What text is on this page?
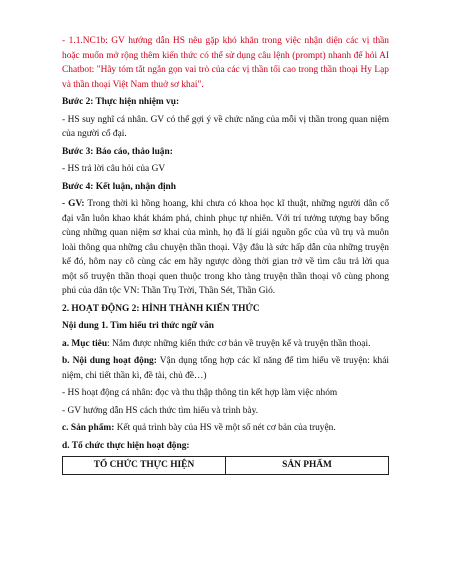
- 1.1.NC1b: GV hướng dẫn HS nêu gặp khó khăn trong việc nhận diện các vị thần hoặc muốn mở rộng thêm kiến thức có thể sử dụng câu lệnh (prompt) nhanh để hỏi AI Chatbot: "Hãy tóm tắt ngắn gọn vai trò của các vị thần tối cao trong thần thoại Hy Lạp và thần thoại Việt Nam thuở sơ khai".

Bước 2: Thực hiện nhiệm vụ:

- HS suy nghĩ cá nhân. GV có thể gợi ý về chức năng của mỗi vị thần trong quan niệm của người cổ đại.

Bước 3: Báo cáo, thảo luận:

- HS trả lời câu hỏi của GV

Bước 4: Kết luận, nhận định

- GV: Trong thời kì hồng hoang, khi chưa có khoa học kĩ thuật, những người dân cổ đại vẫn luôn khao khát khám phá, chinh phục tự nhiên. Với trí tưởng tượng bay bổng cùng những quan niệm sơ khai của mình, họ đã lí giải nguồn gốc của vũ trụ và muôn loài thông qua những câu chuyện thần thoại. Vậy đâu là sức hấp dẫn của những truyện kể đó, hôm nay cô cùng các em hãy ngược dòng thời gian trở về tìm câu trả lời qua một số truyện thần thoại quen thuộc trong kho tàng truyện thần thoại vô cùng phong phú của dân tộc VN: Thần Trụ Trời, Thần Sét, Thần Gió.

2. HOẠT ĐỘNG 2: HÌNH THÀNH KIẾN THỨC

Nội dung 1. Tìm hiểu tri thức ngữ văn

a. Mục tiêu: Nắm được những kiến thức cơ bản về truyện kể và truyện thần thoại.

b. Nội dung hoạt động: Vận dụng tổng hợp các kĩ năng để tìm hiểu về truyện: khái niệm, chi tiết thần kì, đề tài, chủ đề…)

- HS hoạt động cá nhân: đọc và thu thập thông tin kết hợp làm việc nhóm

- GV hướng dẫn HS cách thức tìm hiểu và trình bày.

c. Sản phẩm: Kết quả trình bày của HS về một số nét cơ bản của truyện.

d. Tổ chức thực hiện hoạt động:

TỔ CHỨC THỰC HIỆN	SẢN PHẨM
